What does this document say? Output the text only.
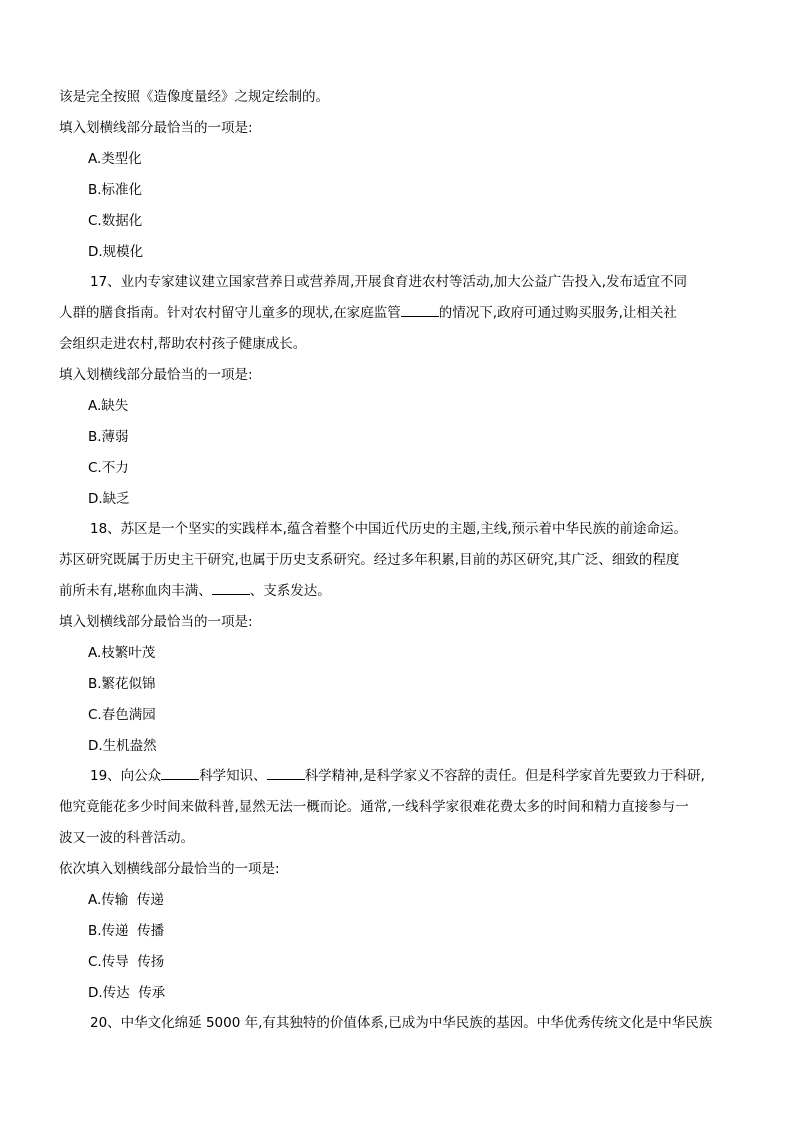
该是完全按照《造像度量经》之规定绘制的。
填入划横线部分最恰当的一项是:
A.类型化
B.标准化
C.数据化
D.规模化
17、业内专家建议建立国家营养日或营养周,开展食育进农村等活动,加大公益广告投入,发布适宜不同
人群的膳食指南。针对农村留守儿童多的现状,在家庭监管	的情况下,政府可通过购买服务,让相关社
会组织走进农村,帮助农村孩子健康成长。
填入划横线部分最恰当的一项是:
A.缺失
B.薄弱
C.不力
D.缺乏
18、苏区是一个坚实的实践样本,蕴含着整个中国近代历史的主题,主线,预示着中华民族的前途命运。
苏区研究既属于历史主干研究,也属于历史支系研究。经过多年积累,目前的苏区研究,其广泛、细致的程度
前所未有,堪称血肉丰满、	、支系发达。
填入划横线部分最恰当的一项是:
A.枝繁叶茂
B.繁花似锦
C.春色满园
D.生机盎然
19、向公众	科学知识、	科学精神,是科学家义不容辞的责任。但是科学家首先要致力于科研,
他究竟能花多少时间来做科普,显然无法一概而论。通常,一线科学家很难花费太多的时间和精力直接参与一
波又一波的科普活动。
依次填入划横线部分最恰当的一项是:
A.传输  传递
B.传递  传播
C.传导  传扬
D.传达  传承
20、中华文化绵延 5000 年,有其独特的价值体系,已成为中华民族的基因。中华优秀传统文化是中华民族
